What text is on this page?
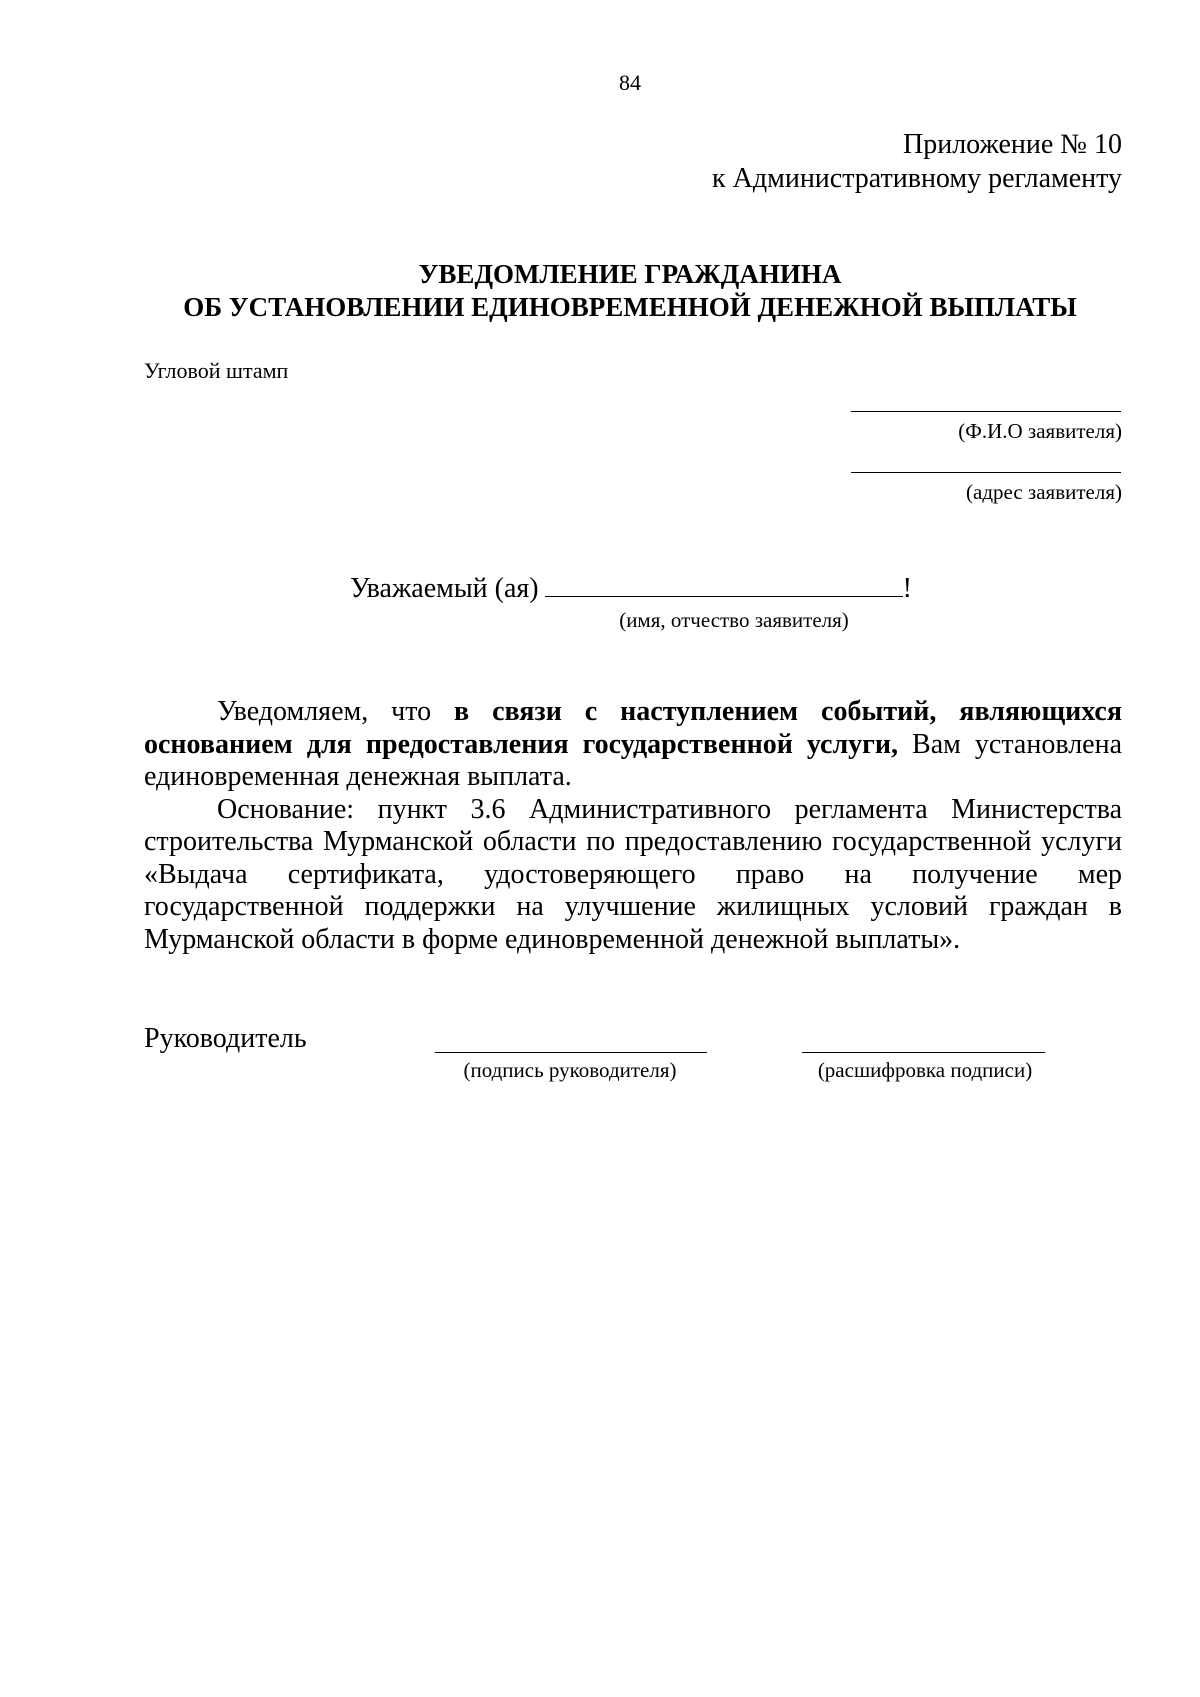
84
Приложение № 10
к Административному регламенту
УВЕДОМЛЕНИЕ ГРАЖДАНИНА
ОБ УСТАНОВЛЕНИИ ЕДИНОВРЕМЕННОЙ ДЕНЕЖНОЙ ВЫПЛАТЫ
Угловой штамп
(Ф.И.О заявителя)
(адрес заявителя)
Уважаемый (ая)	!
(имя, отчество заявителя)

Уведомляем, что в связи с наступлением событий, являющихся основанием для предоставления государственной услуги, Вам установлена единовременная денежная выплата.

Основание: пункт 3.6 Административного регламента Министерства строительства Мурманской области по предоставлению государственной услуги «Выдача сертификата, удостоверяющего право на получение мер государственной поддержки на улучшение жилищных условий граждан в Мурманской области в форме единовременной денежной выплаты».

Руководитель
(подпись руководителя)	(расшифровка подписи)
